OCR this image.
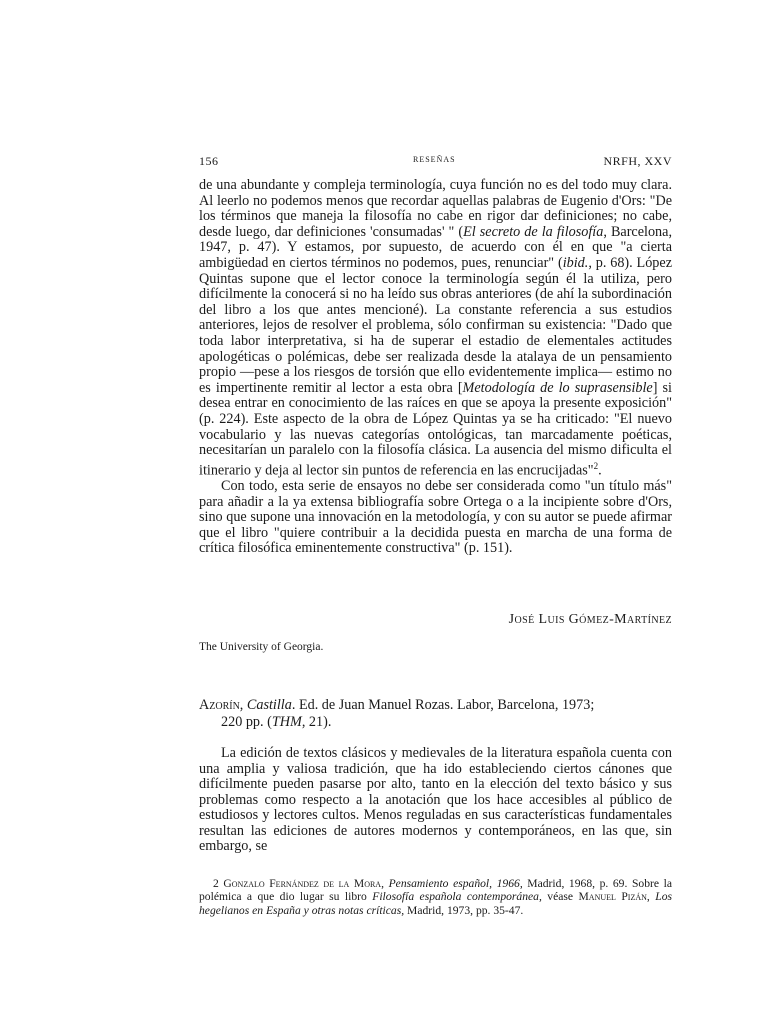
156	RESEÑAS	NRFH, XXV

de una abundante y compleja terminología, cuya función no es del todo muy clara. Al leerlo no podemos menos que recordar aquellas palabras de Eugenio d'Ors: "De los términos que maneja la filosofía no cabe en rigor dar definiciones; no cabe, desde luego, dar definiciones 'consumadas' " (El secreto de la filosofía, Barcelona, 1947, p. 47). Y estamos, por supuesto, de acuerdo con él en que "a cierta ambigüedad en ciertos términos no podemos, pues, renunciar" (ibid., p. 68). López Quintas supone que el lector conoce la terminología según él la utiliza, pero difícilmente la conocerá si no ha leído sus obras anteriores (de ahí la subordinación del libro a los que antes mencioné). La constante referencia a sus estudios anteriores, lejos de resolver el problema, sólo confirman su existencia: "Dado que toda labor interpretativa, si ha de superar el estadio de elementales actitudes apologéticas o polémicas, debe ser realizada desde la atalaya de un pensamiento propio —pese a los riesgos de torsión que ello evidentemente implica— estimo no es impertinente remitir al lector a esta obra [Metodología de lo suprasensible] si desea entrar en conocimiento de las raíces en que se apoya la presente exposición" (p. 224). Este aspecto de la obra de López Quintas ya se ha criticado: "El nuevo vocabulario y las nuevas categorías ontológicas, tan marcadamente poéticas, necesitarían un paralelo con la filosofía clásica. La ausencia del mismo dificulta el itinerario y deja al lector sin puntos de referencia en las encrucijadas"$^2$.

Con todo, esta serie de ensayos no debe ser considerada como "un título más" para añadir a la ya extensa bibliografía sobre Ortega o a la incipiente sobre d'Ors, sino que supone una innovación en la metodología, y con su autor se puede afirmar que el libro "quiere contribuir a la decidida puesta en marcha de una forma de crítica filosófica eminentemente constructiva" (p. 151).

José Luis Gómez-Martínez
The University of Georgia.
Azorín, Castilla. Ed. de Juan Manuel Rozas. Labor, Barcelona, 1973;
220 pp. (THM, 21).
La edición de textos clásicos y medievales de la literatura española cuenta con una amplia y valiosa tradición, que ha ido estableciendo ciertos cánones que difícilmente pueden pasarse por alto, tanto en la elección del texto básico y sus problemas como respecto a la anotación que los hace accesibles al público de estudiosos y lectores cultos. Menos reguladas en sus características fundamentales resultan las ediciones de autores modernos y contemporáneos, en las que, sin embargo, se

2 Gonzalo Fernández de la Mora, Pensamiento español, 1966, Madrid, 1968, p. 69. Sobre la polémica a que dio lugar su libro Filosofía española contemporánea, véase Manuel Pizán, Los hegelianos en España y otras notas críticas, Madrid, 1973, pp. 35-47.
